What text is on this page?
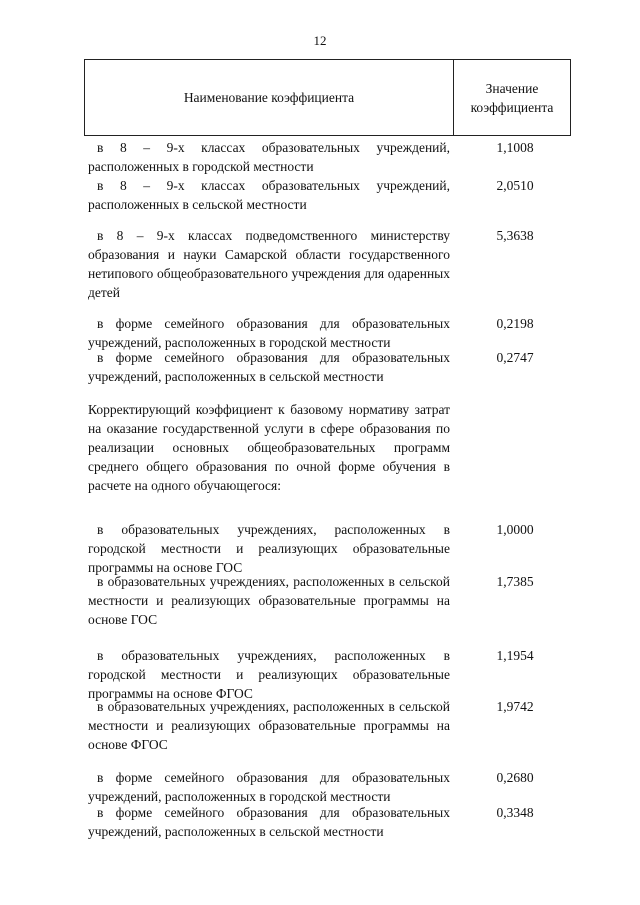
12
Наименование коэффициента
Значение
коэффициента
в 8 – 9-х классах образовательных учреждений, расположенных в городской местности
1,1008
в 8 – 9-х классах образовательных учреждений, расположенных в сельской местности
2,0510
в 8 – 9-х классах подведомственного министерству образования и науки Самарской области государственного нетипового общеобразовательного учреждения для одаренных детей
5,3638
в форме семейного образования для образовательных учреждений, расположенных в городской местности
0,2198
в форме семейного образования для образовательных учреждений, расположенных в сельской местности
0,2747
Корректирующий коэффициент к базовому нормативу затрат на оказание государственной услуги в сфере образования по реализации основных общеобразовательных программ среднего общего образования по очной форме обучения в расчете на одного обучающегося:
в образовательных учреждениях, расположенных в городской местности и реализующих образовательные программы на основе ГОС
1,0000
в образовательных учреждениях, расположенных в сельской местности и реализующих образовательные программы на основе ГОС
1,7385
в образовательных учреждениях, расположенных в городской местности и реализующих образовательные программы на основе ФГОС
1,1954
в образовательных учреждениях, расположенных в сельской местности и реализующих образовательные программы на основе ФГОС
1,9742
в форме семейного образования для образовательных учреждений, расположенных в городской местности
0,2680
в форме семейного образования для образовательных учреждений, расположенных в сельской местности
0,3348
